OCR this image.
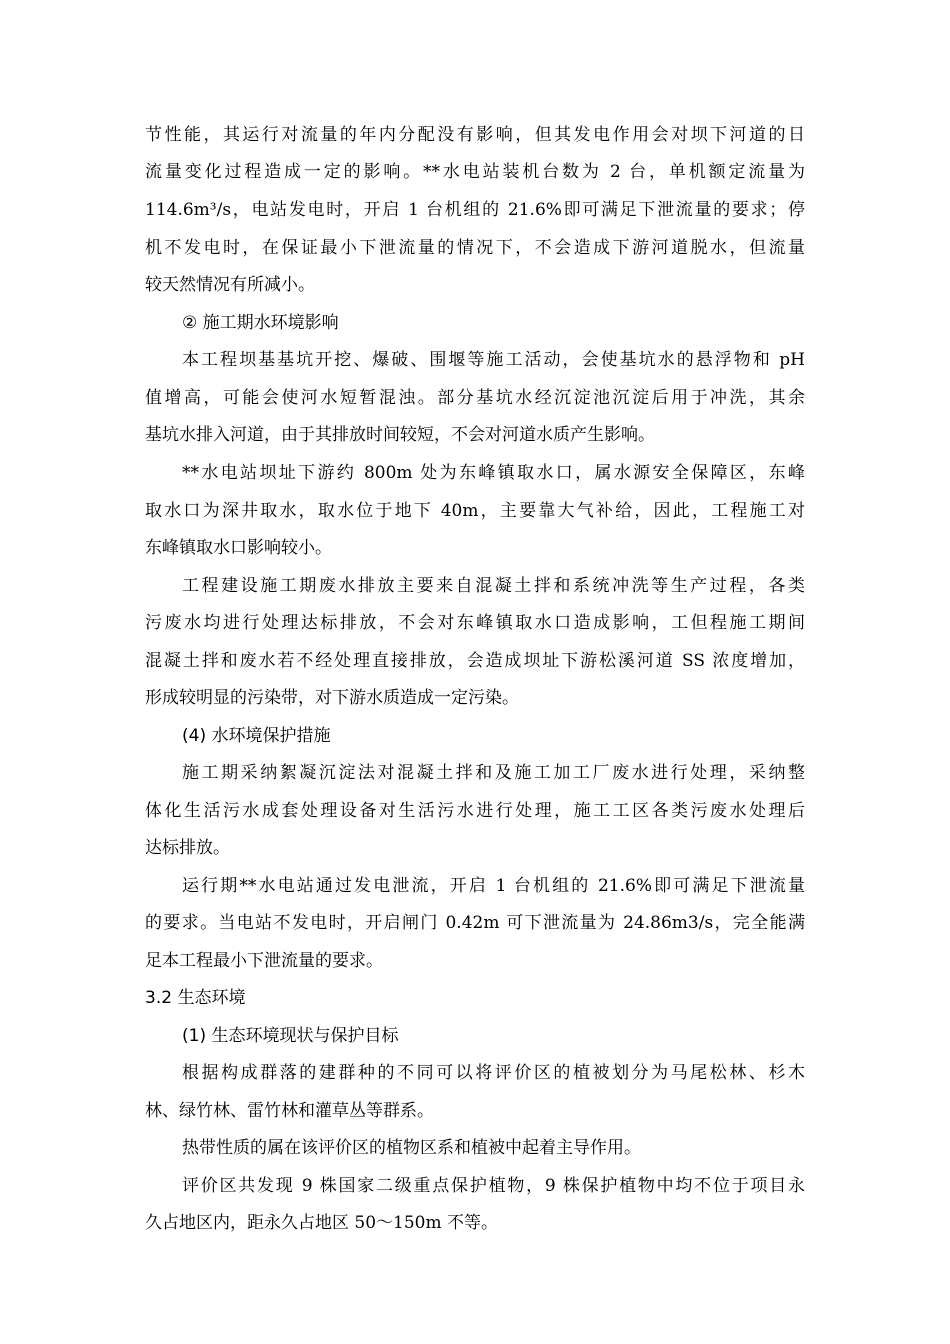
节性能，其运行对流量的年内分配没有影响，但其发电作用会对坝下河道的日
流量变化过程造成一定的影响。**水电站装机台数为 2 台，单机额定流量为
114.6m³/s，电站发电时，开启 1 台机组的 21.6%即可满足下泄流量的要求；停
机不发电时，在保证最小下泄流量的情况下，不会造成下游河道脱水，但流量
较天然情况有所减小。
② 施工期水环境影响
本工程坝基基坑开挖、爆破、围堰等施工活动，会使基坑水的悬浮物和 pH
值增高，可能会使河水短暂混浊。部分基坑水经沉淀池沉淀后用于冲洗，其余
基坑水排入河道，由于其排放时间较短，不会对河道水质产生影响。
**水电站坝址下游约 800m 处为东峰镇取水口，属水源安全保障区，东峰
取水口为深井取水，取水位于地下 40m，主要靠大气补给，因此，工程施工对
东峰镇取水口影响较小。
工程建设施工期废水排放主要来自混凝土拌和系统冲洗等生产过程，各类
污废水均进行处理达标排放，不会对东峰镇取水口造成影响，工但程施工期间
混凝土拌和废水若不经处理直接排放，会造成坝址下游松溪河道 SS 浓度增加，
形成较明显的污染带，对下游水质造成一定污染。
(4) 水环境保护措施
施工期采纳絮凝沉淀法对混凝土拌和及施工加工厂废水进行处理，采纳整
体化生活污水成套处理设备对生活污水进行处理，施工工区各类污废水处理后
达标排放。
运行期**水电站通过发电泄流，开启 1 台机组的 21.6%即可满足下泄流量
的要求。当电站不发电时，开启闸门 0.42m 可下泄流量为 24.86m3/s，完全能满
足本工程最小下泄流量的要求。
3.2 生态环境
(1) 生态环境现状与保护目标
根据构成群落的建群种的不同可以将评价区的植被划分为马尾松林、杉木
林、绿竹林、雷竹林和灌草丛等群系。
热带性质的属在该评价区的植物区系和植被中起着主导作用。
评价区共发现 9 株国家二级重点保护植物，9 株保护植物中均不位于项目永
久占地区内，距永久占地区 50～150m 不等。
